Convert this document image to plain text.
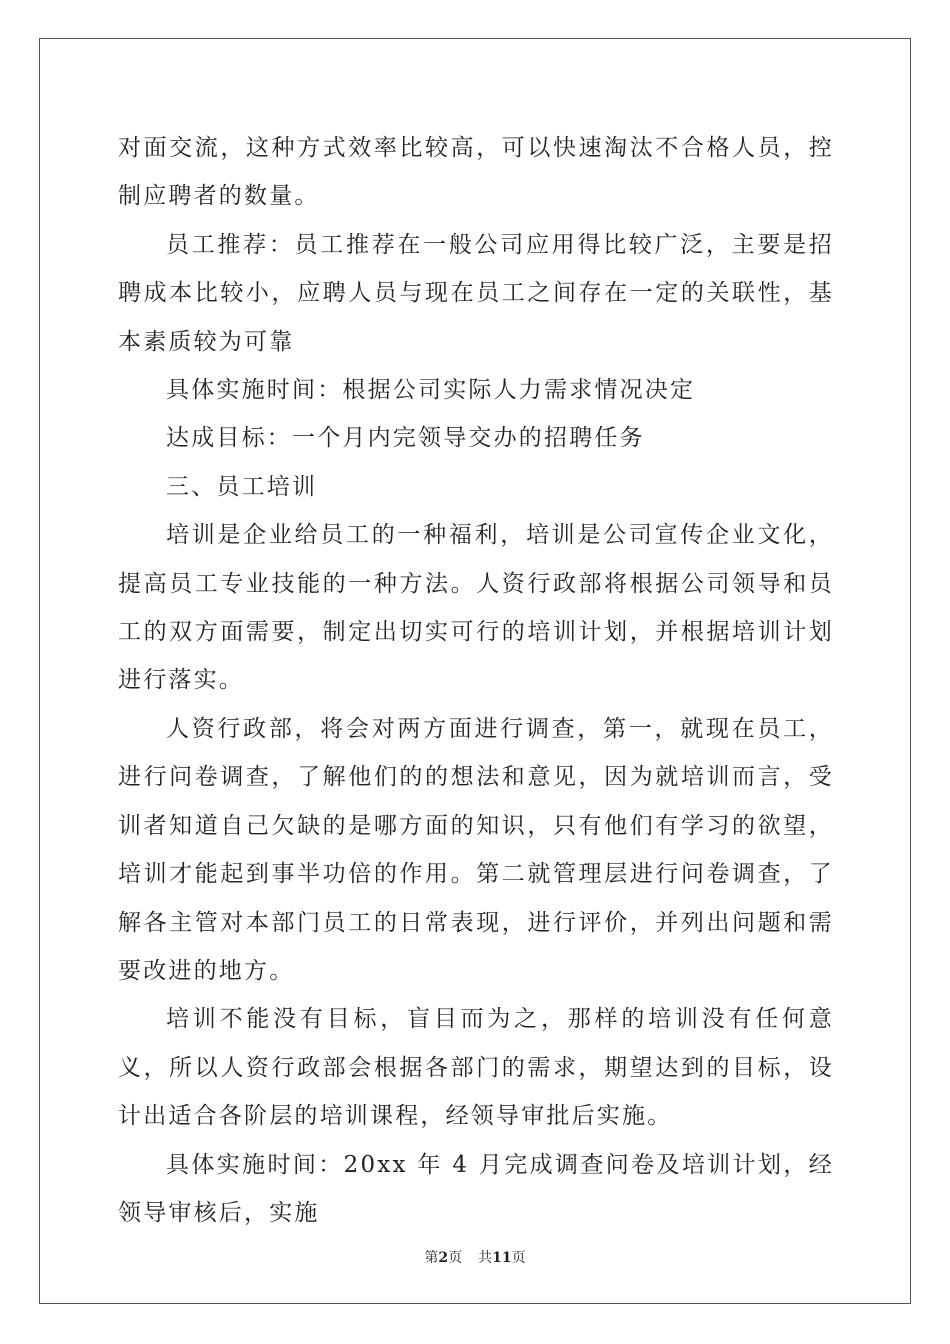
对面交流，这种方式效率比较高，可以快速淘汰不合格人员，控制应聘者的数量。

员工推荐：员工推荐在一般公司应用得比较广泛，主要是招聘成本比较小，应聘人员与现在员工之间存在一定的关联性，基本素质较为可靠

具体实施时间：根据公司实际人力需求情况决定

达成目标：一个月内完领导交办的招聘任务

三、员工培训

培训是企业给员工的一种福利，培训是公司宣传企业文化，提高员工专业技能的一种方法。人资行政部将根据公司领导和员工的双方面需要，制定出切实可行的培训计划，并根据培训计划进行落实。

人资行政部，将会对两方面进行调查，第一，就现在员工，进行问卷调查，了解他们的的想法和意见，因为就培训而言，受训者知道自己欠缺的是哪方面的知识，只有他们有学习的欲望，培训才能起到事半功倍的作用。第二就管理层进行问卷调查，了解各主管对本部门员工的日常表现，进行评价，并列出问题和需要改进的地方。

培训不能没有目标，盲目而为之，那样的培训没有任何意义，所以人资行政部会根据各部门的需求，期望达到的目标，设计出适合各阶层的培训课程，经领导审批后实施。

具体实施时间：20xx 年 4 月完成调查问卷及培训计划，经领导审核后，实施

第2页 共11页
